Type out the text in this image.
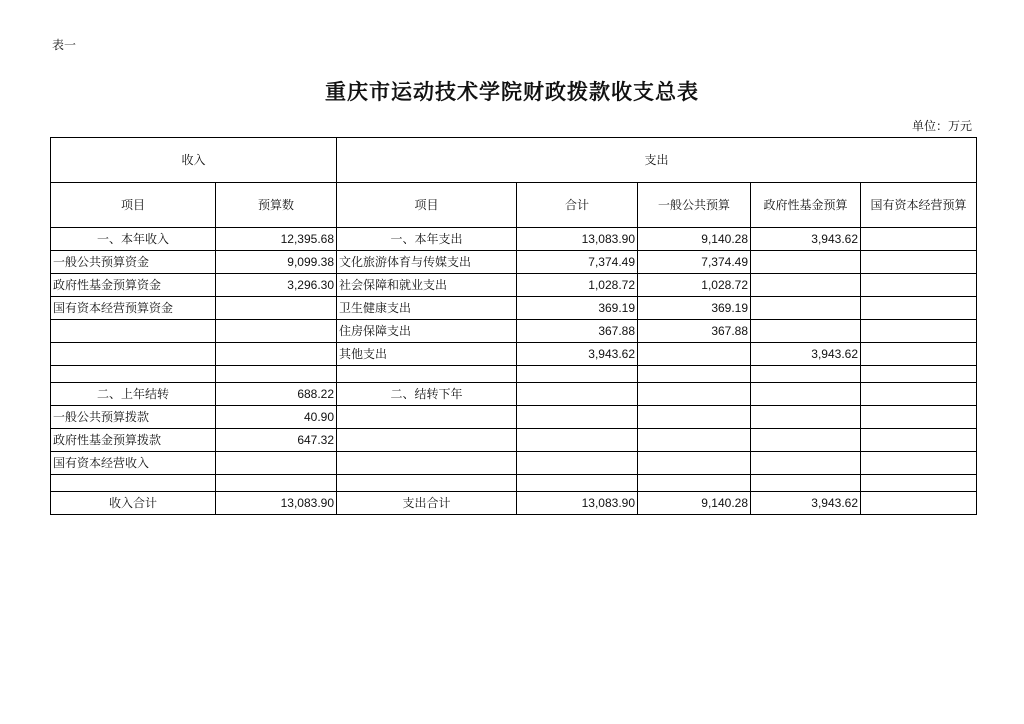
表一
重庆市运动技术学院财政拨款收支总表
单位：万元
收入		支出				
项目	预算数	项目	合计	一般公共预算	政府性基金预算	国有资本经营预算
一、本年收入	12,395.68	一、本年支出	13,083.90	9,140.28	3,943.62	
一般公共预算资金	9,099.38	文化旅游体育与传媒支出	7,374.49	7,374.49		
政府性基金预算资金	3,296.30	社会保障和就业支出	1,028.72	1,028.72		
国有资本经营预算资金		卫生健康支出	369.19	369.19		
		住房保障支出	367.88	367.88		
		其他支出	3,943.62		3,943.62	

二、上年结转	688.22	二、结转下年				
一般公共预算拨款	40.90					
政府性基金预算拨款	647.32					
国有资本经营收入						

收入合计	13,083.90	支出合计	13,083.90	9,140.28	3,943.62	
